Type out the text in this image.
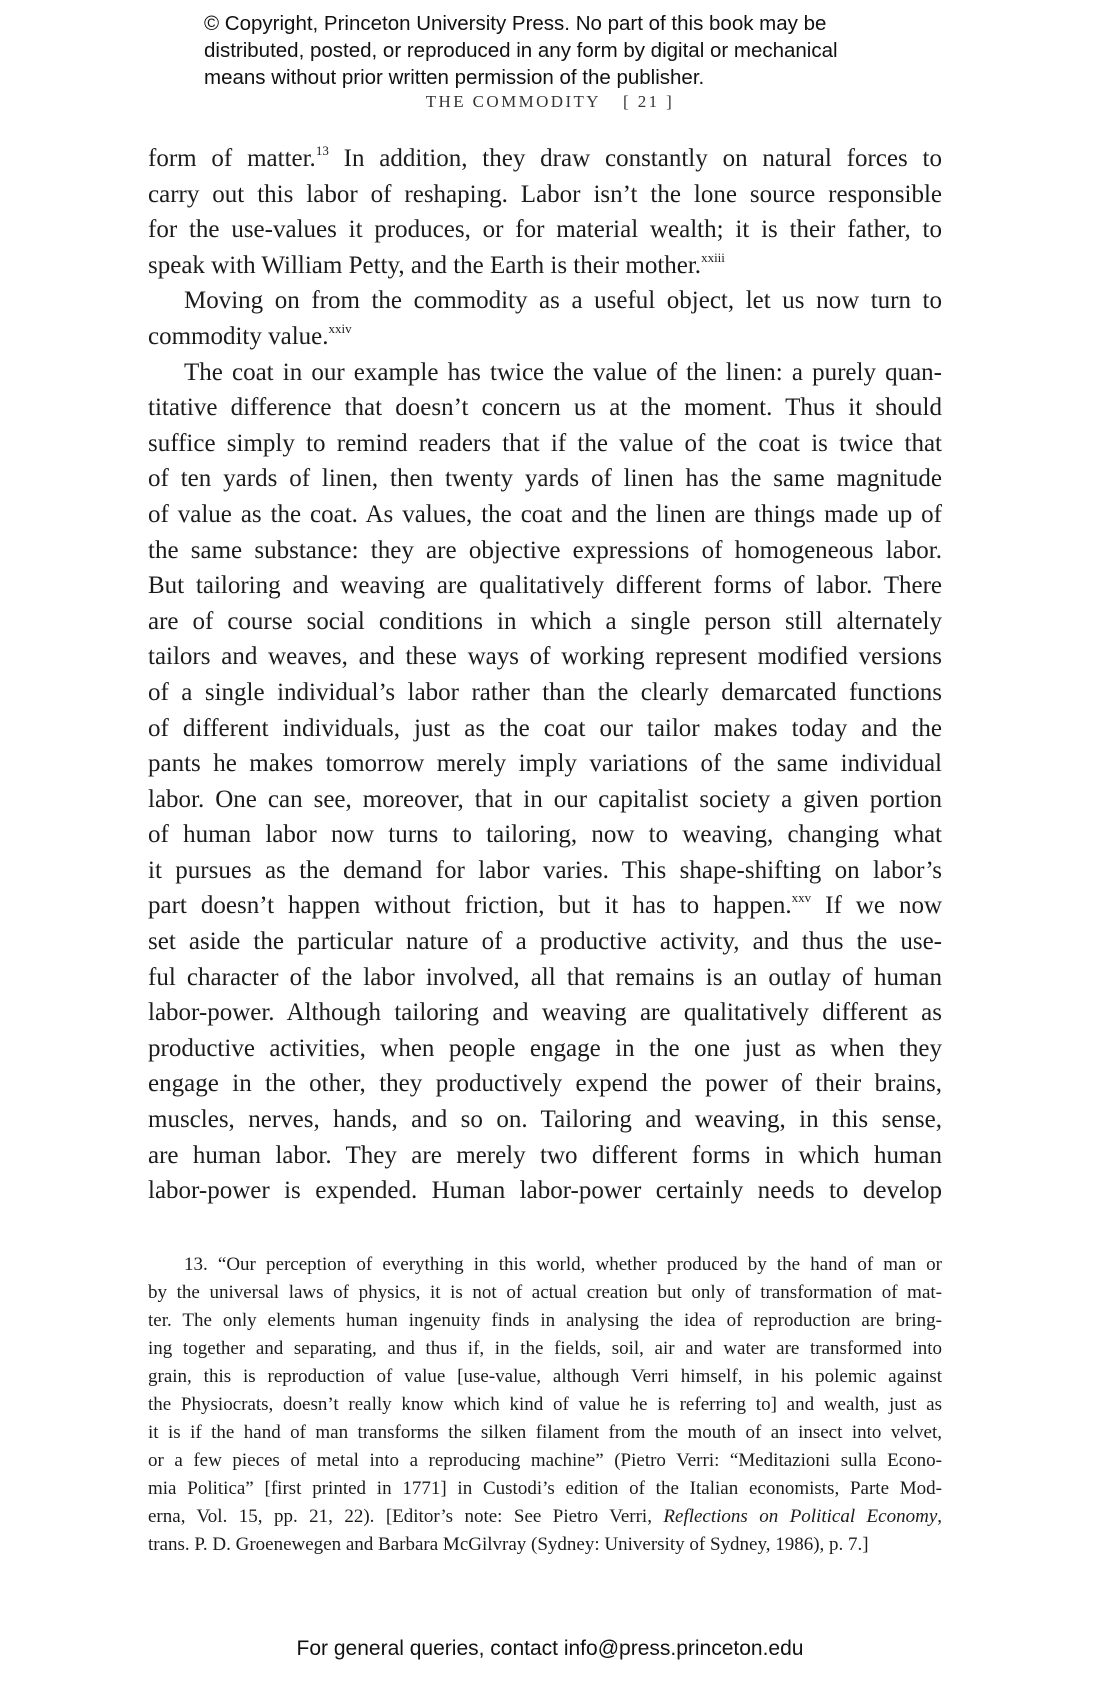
© Copyright, Princeton University Press. No part of this book may be
distributed, posted, or reproduced in any form by digital or mechanical
means without prior written permission of the publisher.
THE COMMODITY [ 21 ]
form of matter.$^{13}$ In addition, they draw constantly on natural forces to
carry out this labor of reshaping. Labor isn’t the lone source responsible
for the use-values it produces, or for material wealth; it is their father, to
speak with William Petty, and the Earth is their mother.$^{xxiii}$
Moving on from the commodity as a useful object, let us now turn to
commodity value.$^{xxiv}$
The coat in our example has twice the value of the linen: a purely quan-
titative difference that doesn’t concern us at the moment. Thus it should
suffice simply to remind readers that if the value of the coat is twice that
of ten yards of linen, then twenty yards of linen has the same magnitude
of value as the coat. As values, the coat and the linen are things made up of
the same substance: they are objective expressions of homogeneous labor.
But tailoring and weaving are qualitatively different forms of labor. There
are of course social conditions in which a single person still alternately
tailors and weaves, and these ways of working represent modified versions
of a single individual’s labor rather than the clearly demarcated functions
of different individuals, just as the coat our tailor makes today and the
pants he makes tomorrow merely imply variations of the same individual
labor. One can see, moreover, that in our capitalist society a given portion
of human labor now turns to tailoring, now to weaving, changing what
it pursues as the demand for labor varies. This shape-shifting on labor’s
part doesn’t happen without friction, but it has to happen.$^{xxv}$ If we now
set aside the particular nature of a productive activity, and thus the use-
ful character of the labor involved, all that remains is an outlay of human
labor-power. Although tailoring and weaving are qualitatively different as
productive activities, when people engage in the one just as when they
engage in the other, they productively expend the power of their brains,
muscles, nerves, hands, and so on. Tailoring and weaving, in this sense,
are human labor. They are merely two different forms in which human
labor-power is expended. Human labor-power certainly needs to develop
13. “Our perception of everything in this world, whether produced by the hand of man or
by the universal laws of physics, it is not of actual creation but only of transformation of mat-
ter. The only elements human ingenuity finds in analysing the idea of reproduction are bring-
ing together and separating, and thus if, in the fields, soil, air and water are transformed into
grain, this is reproduction of value [use-value, although Verri himself, in his polemic against
the Physiocrats, doesn’t really know which kind of value he is referring to] and wealth, just as
it is if the hand of man transforms the silken filament from the mouth of an insect into velvet,
or a few pieces of metal into a reproducing machine” (Pietro Verri: “Meditazioni sulla Econo-
mia Politica” [first printed in 1771] in Custodi’s edition of the Italian economists, Parte Mod-
erna, Vol. 15, pp. 21, 22). [Editor’s note: See Pietro Verri, Reflections on Political Economy,
trans. P. D. Groenewegen and Barbara McGilvray (Sydney: University of Sydney, 1986), p. 7.]
For general queries, contact info@press.princeton.edu
